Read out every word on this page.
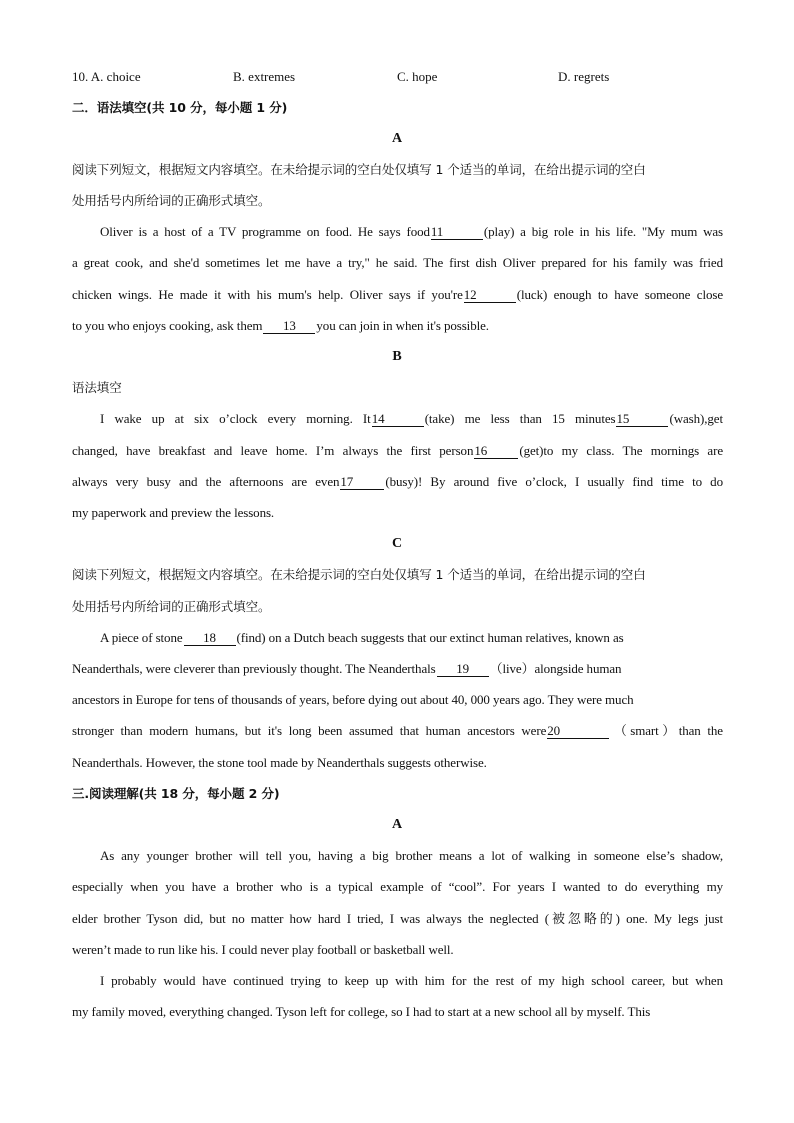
10. A. choice	B. extremes	C. hope	D. regrets
二．语法填空(共 10 分，每小题 1 分)
A
阅读下列短文，根据短文内容填空。在未给提示词的空白处仅填写 1 个适当的单词，在给出提示词的空白
处用括号内所给词的正确形式填空。
Oliver is a host of a TV programme on food. He says food11	(play) a big role in his life. "My mum was
a great cook, and she'd sometimes let me have a try," he said. The first dish Oliver prepared for his family was fried
chicken wings. He made it with his mum's help. Oliver says if you're12	(luck) enough to have someone close
to you who enjoys cooking, ask them 13 you can join in when it's possible.
B
语法填空
I wake up at six o’clock every morning. It14	(take) me less than 15 minutes15	(wash),get
changed, have breakfast and leave home. I’m always the first person16 (get)to my class. The mornings are
always very busy and the afternoons are even17 (busy)! By around five o’clock, I usually find time to do
my paperwork and preview the lessons.
C
阅读下列短文，根据短文内容填空。在未给提示词的空白处仅填写 1 个适当的单词，在给出提示词的空白
处用括号内所给词的正确形式填空。
A piece of stone 18 (find) on a Dutch beach suggests that our extinct human relatives, known as
Neanderthals, were cleverer than previously thought. The Neanderthals 19 （live）alongside human
ancestors in Europe for tens of thousands of years, before dying out about 40, 000 years ago. They were much
stronger than modern humans, but it's long been assumed that human ancestors were20	（smart）than the
Neanderthals. However, the stone tool made by Neanderthals suggests otherwise.
三.阅读理解(共 18 分，每小题 2 分)
A
As any younger brother will tell you, having a big brother means a lot of walking in someone else’s shadow,
especially when you have a brother who is a typical example of “cool”. For years I wanted to do everything my
elder brother Tyson did, but no matter how hard I tried, I was always the neglected (被忽略的) one. My legs just
weren’t made to run like his. I could never play football or basketball well.
I probably would have continued trying to keep up with him for the rest of my high school career, but when
my family moved, everything changed. Tyson left for college, so I had to start at a new school all by myself. This
